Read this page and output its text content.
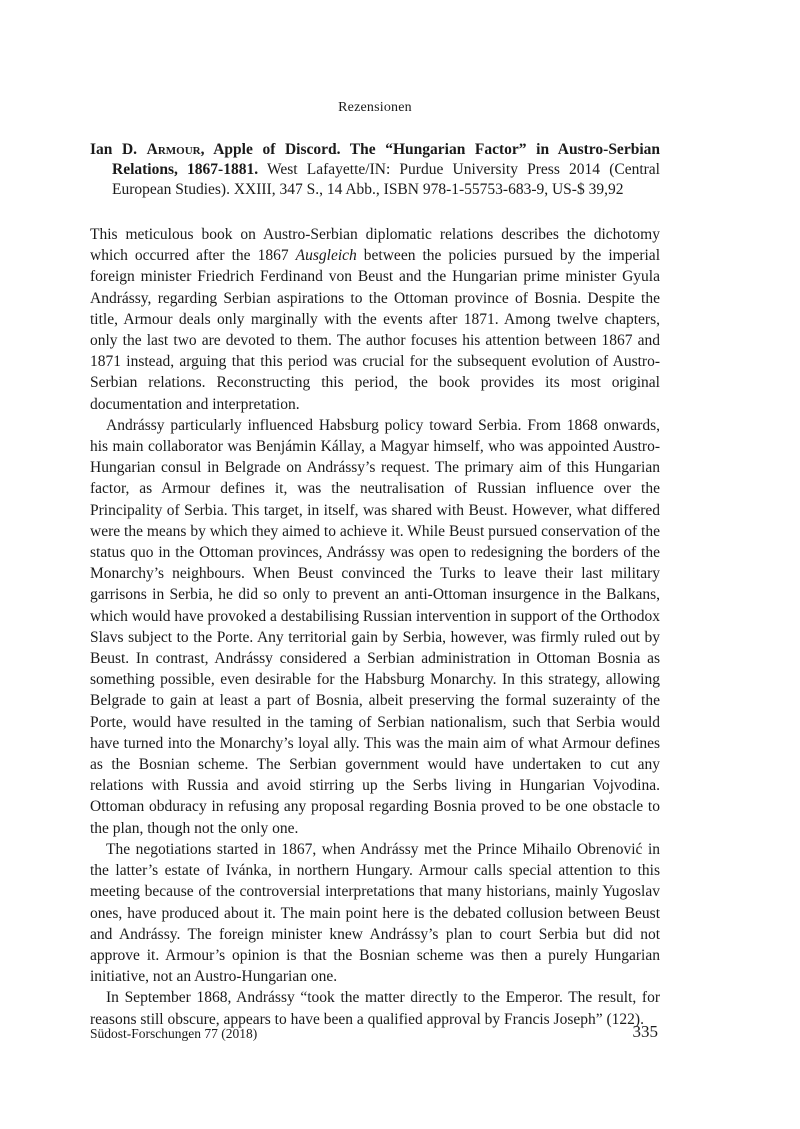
Rezensionen
Ian D. Armour, Apple of Discord. The “Hungarian Factor” in Austro-Serbian Relations, 1867-1881. West Lafayette/IN: Purdue University Press 2014 (Central European Studies). XXIII, 347 S., 14 Abb., ISBN 978-1-55753-683-9, US-$ 39,92

This meticulous book on Austro-Serbian diplomatic relations describes the dichotomy which occurred after the 1867 Ausgleich between the policies pursued by the imperial foreign minister Friedrich Ferdinand von Beust and the Hungarian prime minister Gyula Andrássy, regarding Serbian aspirations to the Ottoman province of Bosnia. Despite the title, Armour deals only marginally with the events after 1871. Among twelve chapters, only the last two are devoted to them. The author focuses his attention between 1867 and 1871 instead, arguing that this period was crucial for the subsequent evolution of Austro-Serbian relations. Reconstructing this period, the book provides its most original documentation and interpretation.

Andrássy particularly influenced Habsburg policy toward Serbia. From 1868 onwards, his main collaborator was Benjámin Kállay, a Magyar himself, who was appointed Austro-Hungarian consul in Belgrade on Andrássy’s request. The primary aim of this Hungarian factor, as Armour defines it, was the neutralisation of Russian influence over the Principality of Serbia. This target, in itself, was shared with Beust. However, what differed were the means by which they aimed to achieve it. While Beust pursued conservation of the status quo in the Ottoman provinces, Andrássy was open to redesigning the borders of the Monarchy’s neighbours. When Beust convinced the Turks to leave their last military garrisons in Serbia, he did so only to prevent an anti-Ottoman insurgence in the Balkans, which would have provoked a destabilising Russian intervention in support of the Orthodox Slavs subject to the Porte. Any territorial gain by Serbia, however, was firmly ruled out by Beust. In contrast, Andrássy considered a Serbian administration in Ottoman Bosnia as something possible, even desirable for the Habsburg Monarchy. In this strategy, allowing Belgrade to gain at least a part of Bosnia, albeit preserving the formal suzerainty of the Porte, would have resulted in the taming of Serbian nationalism, such that Serbia would have turned into the Monarchy’s loyal ally. This was the main aim of what Armour defines as the Bosnian scheme. The Serbian government would have undertaken to cut any relations with Russia and avoid stirring up the Serbs living in Hungarian Vojvodina. Ottoman obduracy in refusing any proposal regarding Bosnia proved to be one obstacle to the plan, though not the only one.

The negotiations started in 1867, when Andrássy met the Prince Mihailo Obrenović in the latter’s estate of Ivánka, in northern Hungary. Armour calls special attention to this meeting because of the controversial interpretations that many historians, mainly Yugoslav ones, have produced about it. The main point here is the debated collusion between Beust and Andrássy. The foreign minister knew Andrássy’s plan to court Serbia but did not approve it. Armour’s opinion is that the Bosnian scheme was then a purely Hungarian initiative, not an Austro-Hungarian one.

In September 1868, Andrássy “took the matter directly to the Emperor. The result, for reasons still obscure, appears to have been a qualified approval by Francis Joseph” (122).

Südost-Forschungen 77 (2018)	335
